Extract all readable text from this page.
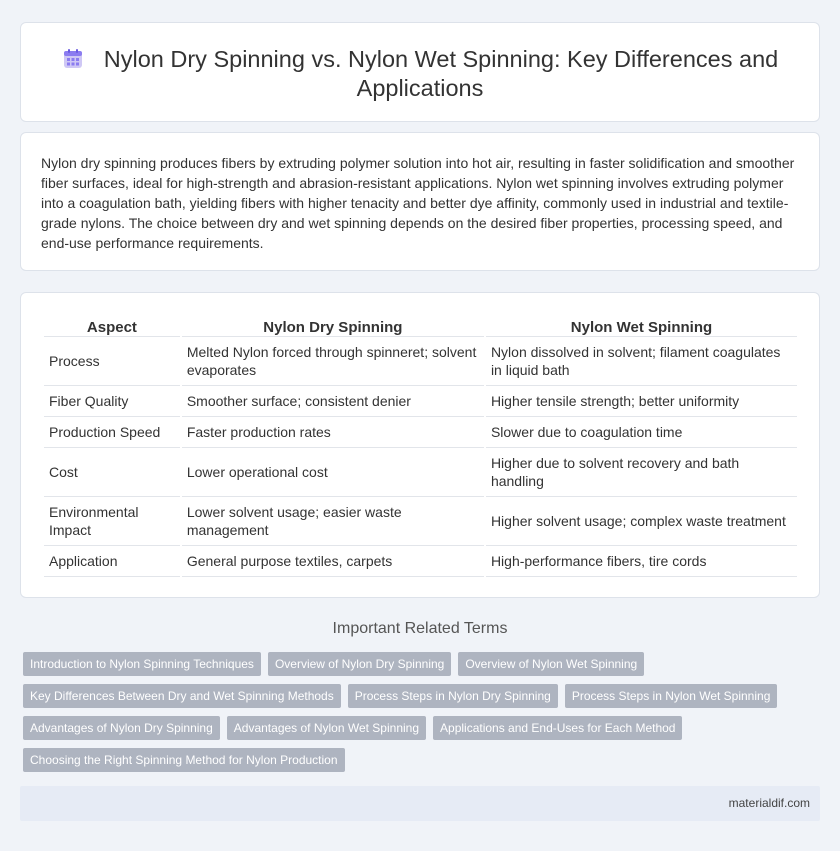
Nylon Dry Spinning vs. Nylon Wet Spinning: Key Differences and Applications

Nylon dry spinning produces fibers by extruding polymer solution into hot air, resulting in faster solidification and smoother fiber surfaces, ideal for high-strength and abrasion-resistant applications. Nylon wet spinning involves extruding polymer into a coagulation bath, yielding fibers with higher tenacity and better dye affinity, commonly used in industrial and textile-grade nylons. The choice between dry and wet spinning depends on the desired fiber properties, processing speed, and end-use performance requirements.

Aspect	Nylon Dry Spinning	Nylon Wet Spinning
Process	Melted Nylon forced through spinneret; solvent evaporates	Nylon dissolved in solvent; filament coagulates in liquid bath
Fiber Quality	Smoother surface; consistent denier	Higher tensile strength; better uniformity
Production Speed	Faster production rates	Slower due to coagulation time
Cost	Lower operational cost	Higher due to solvent recovery and bath handling
Environmental Impact	Lower solvent usage; easier waste management	Higher solvent usage; complex waste treatment
Application	General purpose textiles, carpets	High-performance fibers, tire cords
Important Related Terms
Introduction to Nylon Spinning Techniques	Overview of Nylon Dry Spinning	Overview of Nylon Wet Spinning
Key Differences Between Dry and Wet Spinning Methods	Process Steps in Nylon Dry Spinning	Process Steps in Nylon Wet Spinning
Advantages of Nylon Dry Spinning	Advantages of Nylon Wet Spinning	Applications and End-Uses for Each Method
Choosing the Right Spinning Method for Nylon Production
materialdif.com
